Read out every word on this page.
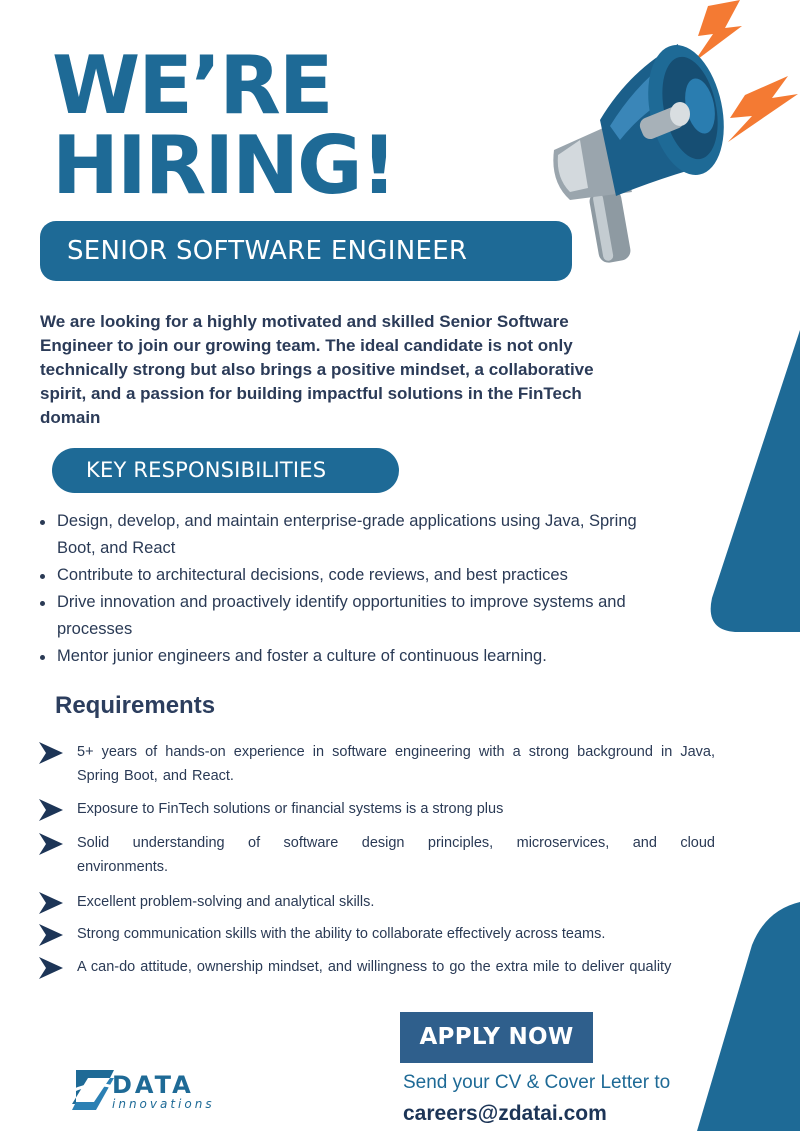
WE’RE
HIRING!
SENIOR SOFTWARE ENGINEER

We are looking for a highly motivated and skilled Senior Software Engineer to join our growing team. The ideal candidate is not only technically strong but also brings a positive mindset, a collaborative spirit, and a passion for building impactful solutions in the FinTech domain

KEY RESPONSIBILITIES
Design, develop, and maintain enterprise-grade applications using Java, Spring Boot, and React
Contribute to architectural decisions, code reviews, and best practices
Drive innovation and proactively identify opportunities to improve systems and processes
Mentor junior engineers and foster a culture of continuous learning.
Requirements

5+ years of hands-on experience in software engineering with a strong background in Java, Spring Boot, and React.

Exposure to FinTech solutions or financial systems is a strong plus

Solid understanding of software design principles, microservices, and cloud environments.

Excellent problem-solving and analytical skills.

Strong communication skills with the ability to collaborate effectively across teams.

A can-do attitude, ownership mindset, and willingness to go the extra mile to deliver quality

APPLY NOW
Send your CV & Cover Letter to
careers@zdatai.com
DATA
innovations
